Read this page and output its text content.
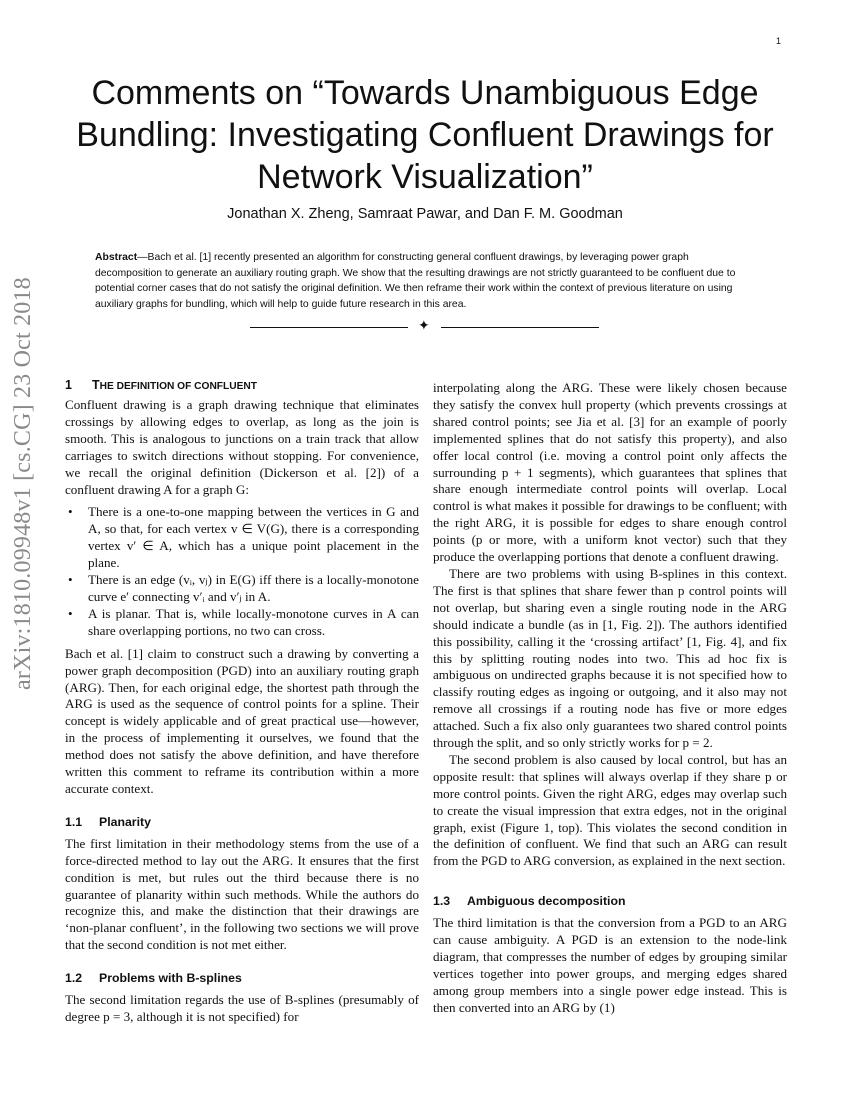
1
arXiv:1810.09948v1 [cs.CG] 23 Oct 2018
Comments on “Towards Unambiguous Edge Bundling: Investigating Confluent Drawings for Network Visualization”
Jonathan X. Zheng, Samraat Pawar, and Dan F. M. Goodman
Abstract—Bach et al. [1] recently presented an algorithm for constructing general confluent drawings, by leveraging power graph decomposition to generate an auxiliary routing graph. We show that the resulting drawings are not strictly guaranteed to be confluent due to potential corner cases that do not satisfy the original definition. We then reframe their work within the context of previous literature on using auxiliary graphs for bundling, which will help to guide future research in this area.
✦
1 THE DEFINITION OF CONFLUENT

Confluent drawing is a graph drawing technique that eliminates crossings by allowing edges to overlap, as long as the join is smooth. This is analogous to junctions on a train track that allow carriages to switch directions without stopping. For convenience, we recall the original definition (Dickerson et al. [2]) of a confluent drawing A for a graph G:

• There is a one-to-one mapping between the vertices in G and A, so that, for each vertex v ∈ V(G), there is a corresponding vertex v′ ∈ A, which has a unique point placement in the plane.
• There is an edge (vᵢ, vⱼ) in E(G) iff there is a locally-monotone curve e′ connecting v′ᵢ and v′ⱼ in A.
• A is planar. That is, while locally-monotone curves in A can share overlapping portions, no two can cross.

Bach et al. [1] claim to construct such a drawing by converting a power graph decomposition (PGD) into an auxiliary routing graph (ARG). Then, for each original edge, the shortest path through the ARG is used as the sequence of control points for a spline. Their concept is widely applicable and of great practical use—however, in the process of implementing it ourselves, we found that the method does not satisfy the above definition, and have therefore written this comment to reframe its contribution within a more accurate context.

1.1 Planarity

The first limitation in their methodology stems from the use of a force-directed method to lay out the ARG. It ensures that the first condition is met, but rules out the third because there is no guarantee of planarity within such methods. While the authors do recognize this, and make the distinction that their drawings are ‘non-planar confluent’, in the following two sections we will prove that the second condition is not met either.

1.2 Problems with B-splines

The second limitation regards the use of B-splines (presumably of degree p = 3, although it is not specified) for

interpolating along the ARG. These were likely chosen because they satisfy the convex hull property (which prevents crossings at shared control points; see Jia et al. [3] for an example of poorly implemented splines that do not satisfy this property), and also offer local control (i.e. moving a control point only affects the surrounding p + 1 segments), which guarantees that splines that share enough intermediate control points will overlap. Local control is what makes it possible for drawings to be confluent; with the right ARG, it is possible for edges to share enough control points (p or more, with a uniform knot vector) such that they produce the overlapping portions that denote a confluent drawing.

There are two problems with using B-splines in this context. The first is that splines that share fewer than p control points will not overlap, but sharing even a single routing node in the ARG should indicate a bundle (as in [1, Fig. 2]). The authors identified this possibility, calling it the ‘crossing artifact’ [1, Fig. 4], and fix this by splitting routing nodes into two. This ad hoc fix is ambiguous on undirected graphs because it is not specified how to classify routing edges as ingoing or outgoing, and it also may not remove all crossings if a routing node has five or more edges attached. Such a fix also only guarantees two shared control points through the split, and so only strictly works for p = 2.

The second problem is also caused by local control, but has an opposite result: that splines will always overlap if they share p or more control points. Given the right ARG, edges may overlap such to create the visual impression that extra edges, not in the original graph, exist (Figure 1, top). This violates the second condition in the definition of confluent. We find that such an ARG can result from the PGD to ARG conversion, as explained in the next section.

1.3 Ambiguous decomposition

The third limitation is that the conversion from a PGD to an ARG can cause ambiguity. A PGD is an extension to the node-link diagram, that compresses the number of edges by grouping similar vertices together into power groups, and merging edges shared among group members into a single power edge instead. This is then converted into an ARG by (1)
